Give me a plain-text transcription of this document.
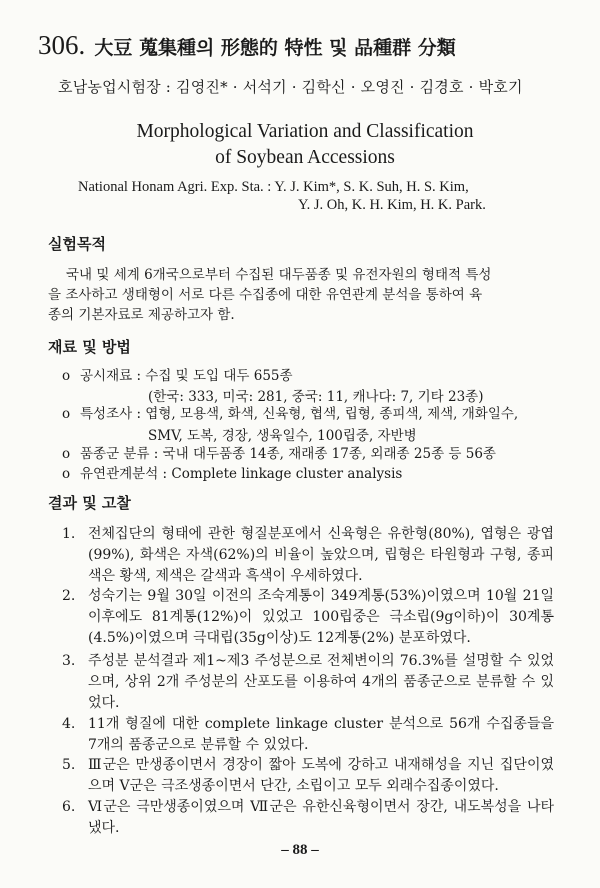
306. 大豆 蒐集種의 形態的 特性 및 品種群 分類
호남농업시험장 : 김영진* · 서석기 · 김학신 · 오영진 · 김경호 · 박호기
Morphological Variation and Classification
of Soybean Accessions
National Honam Agri. Exp. Sta. : Y. J. Kim*, S. K. Suh, H. S. Kim,
Y. J. Oh, K. H. Kim, H. K. Park.
실험목적
국내 및 세계 6개국으로부터 수집된 대두품종 및 유전자원의 형태적 특성
을 조사하고 생태형이 서로 다른 수집종에 대한 유연관계 분석을 통하여 육
종의 기본자료로 제공하고자 함.
재료 및 방법
o 공시재료 : 수집 및 도입 대두 655종
(한국: 333, 미국: 281, 중국: 11, 캐나다: 7, 기타 23종)
o 특성조사 : 엽형, 모용색, 화색, 신육형, 협색, 립형, 종피색, 제색, 개화일수,
SMV, 도복, 경장, 생육일수, 100립중, 자반병
o 품종군 분류 : 국내 대두품종 14종, 재래종 17종, 외래종 25종 등 56종
o 유연관계분석 : Complete linkage cluster analysis
결과 및 고찰
1. 전체집단의 형태에 관한 형질분포에서 신육형은 유한형(80%), 엽형은 광엽(99%), 화색은 자색(62%)의 비율이 높았으며, 립형은 타원형과 구형, 종피색은 황색, 제색은 갈색과 흑색이 우세하였다.
2. 성숙기는 9월 30일 이전의 조숙계통이 349계통(53%)이였으며 10월 21일 이후에도 81계통(12%)이 있었고 100립중은 극소립(9g이하)이 30계통(4.5%)이였으며 극대립(35g이상)도 12계통(2%) 분포하였다.
3. 주성분 분석결과 제1~제3 주성분으로 전체변이의 76.3%를 설명할 수 있었으며, 상위 2개 주성분의 산포도를 이용하여 4개의 품종군으로 분류할 수 있었다.
4. 11개 형질에 대한 complete linkage cluster 분석으로 56개 수집종들을 7개의 품종군으로 분류할 수 있었다.
5. Ⅲ군은 만생종이면서 경장이 짧아 도복에 강하고 내재해성을 지닌 집단이였으며 Ⅴ군은 극조생종이면서 단간, 소립이고 모두 외래수집종이였다.
6. Ⅵ군은 극만생종이였으며 Ⅶ군은 유한신육형이면서 장간, 내도복성을 나타냈다.
– 88 –
